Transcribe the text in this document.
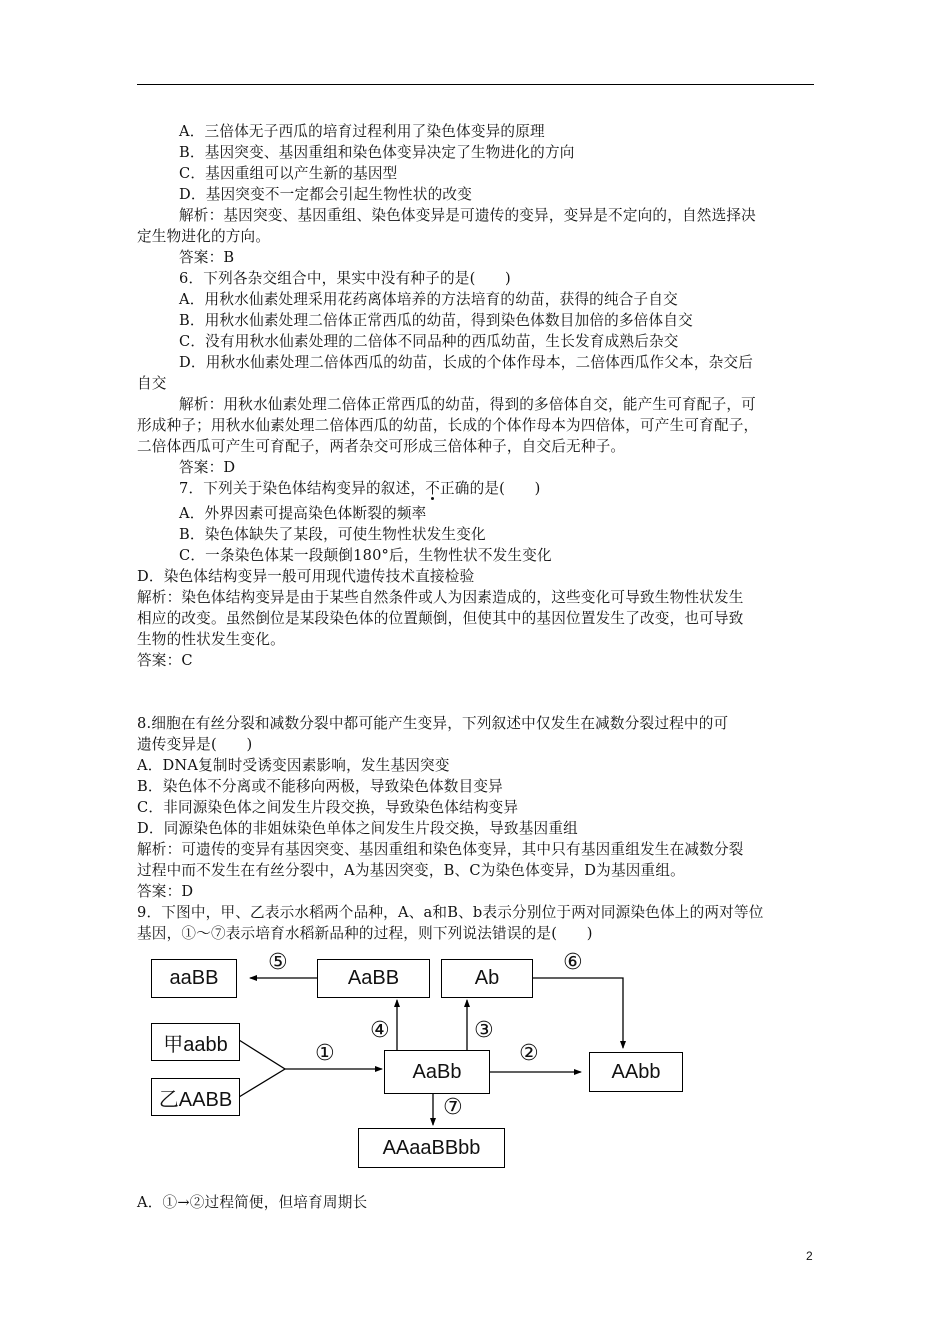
A．三倍体无子西瓜的培育过程利用了染色体变异的原理
B．基因突变、基因重组和染色体变异决定了生物进化的方向
C．基因重组可以产生新的基因型
D．基因突变不一定都会引起生物性状的改变
解析：基因突变、基因重组、染色体变异是可遗传的变异，变异是不定向的，自然选择决
定生物进化的方向。
答案：B
6．下列各杂交组合中，果实中没有种子的是(　　)
A．用秋水仙素处理采用花药离体培养的方法培育的幼苗，获得的纯合子自交
B．用秋水仙素处理二倍体正常西瓜的幼苗，得到染色体数目加倍的多倍体自交
C．没有用秋水仙素处理的二倍体不同品种的西瓜幼苗，生长发育成熟后杂交
D．用秋水仙素处理二倍体西瓜的幼苗，长成的个体作母本，二倍体西瓜作父本，杂交后
自交
解析：用秋水仙素处理二倍体正常西瓜的幼苗，得到的多倍体自交，能产生可育配子，可
形成种子；用秋水仙素处理二倍体西瓜的幼苗，长成的个体作母本为四倍体，可产生可育配子，
二倍体西瓜可产生可育配子，两者杂交可形成三倍体种子，自交后无种子。
答案：D
7．下列关于染色体结构变异的叙述，不正确的是(　　)
A．外界因素可提高染色体断裂的频率
B．染色体缺失了某段，可使生物性状发生变化
C．一条染色体某一段颠倒180°后，生物性状不发生变化
D．染色体结构变异一般可用现代遗传技术直接检验
解析：染色体结构变异是由于某些自然条件或人为因素造成的，这些变化可导致生物性状发生
相应的改变。虽然倒位是某段染色体的位置颠倒，但使其中的基因位置发生了改变，也可导致
生物的性状发生变化。
答案：C
8.细胞在有丝分裂和减数分裂中都可能产生变异，下列叙述中仅发生在减数分裂过程中的可
遗传变异是(　　)
A．DNA复制时受诱变因素影响，发生基因突变
B．染色体不分离或不能移向两极，导致染色体数目变异
C．非同源染色体之间发生片段交换，导致染色体结构变异
D．同源染色体的非姐妹染色单体之间发生片段交换，导致基因重组
解析：可遗传的变异有基因突变、基因重组和染色体变异，其中只有基因重组发生在减数分裂
过程中而不发生在有丝分裂中，A为基因突变，B、C为染色体变异，D为基因重组。
答案：D
9．下图中，甲、乙表示水稻两个品种，A、a和B、b表示分别位于两对同源染色体上的两对等位
基因，①～⑦表示培育水稻新品种的过程，则下列说法错误的是(　　)
aaBB	AaBB	Ab
甲aabb
乙AABB
AaBb	AAbb
AAaaBBbb
⑤	⑥
④	③
①	②
⑦
A．①→②过程简便，但培育周期长
2
